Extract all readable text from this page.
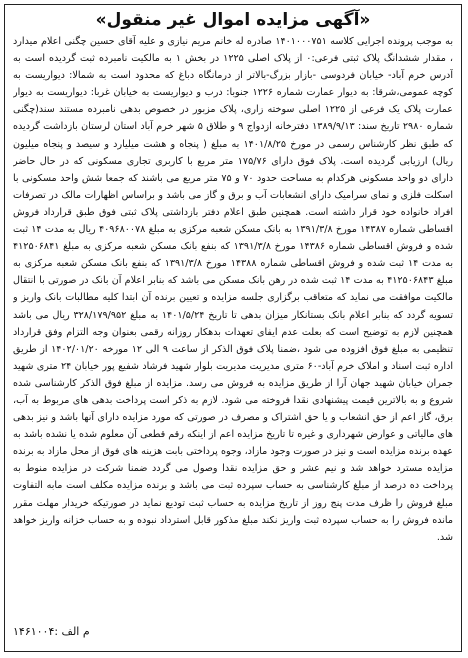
«آگهی مزایده اموال غیر منقول»

به موجب پرونده اجرایی کلاسه ۱۴۰۱۰۰۰۷۵۱ صادره له خانم مریم نیازی و علیه آقای حسین چگنی اعلام میدارد ، مقدار ششدانگ پلاک ثبتی فرعی:۰ از پلاک اصلی ۱۲۲۵ در بخش ۱ به مالکیت نامبرده ثبت گردیده است به آدرس خرم آباد- خیابان فردوسی -بازار بزرگ-بالاتر از درمانگاه دباغ که محدود است به شمالا: دیواریست به کوچه عمومی،شرقا: به دیوار عمارت شماره ۱۲۲۶ جنوبا: درب و دیواریست به خیابان غربا: دیواریست به دیوار عمارت پلاک یک فرعی از ۱۲۲۵ اصلی سوخته زاری، پلاک مزبور در خصوص بدهی نامبرده مستند سند(چگنی شماره ۲۹۸۰ تاریخ سند: ۱۳۸۹/۹/۱۳ دفترخانه ازدواج ۹ و طلاق ۵ شهر خرم آباد استان لرستان بازداشت گردیده که طبق نظر کارشناس رسمی در مورخ ۱۴۰۱/۸/۲۵ به مبلغ ( پنجاه و هشت میلیارد و سیصد و پنجاه میلیون ریال) ارزیابی گردیده است. پلاک فوق دارای ۱۷۵/۷۶ متر مربع با کاربری تجاری مسکونی که در حال حاضر دارای دو واحد مسکونی هرکدام به مساحت حدود ۷۰ و ۷۵ متر مربع می باشند که جمعا شش واحد مسکونی با اسکلت فلزی و نمای سرامیک دارای انشعابات آب و برق و گاز می باشد و براساس اظهارات مالک در تصرفات افراد خانواده خود قرار داشته است. همچنین طبق اعلام دفتر بازداشتی پلاک ثبتی فوق طبق قرارداد فروش اقساطی شماره ۱۴۳۸۷ مورخ ۱۳۹۱/۳/۸ به بانک مسکن شعبه مرکزی به مبلغ ۴۰۹۶۸۰۰۷۸ ریال به مدت ۱۴ ثبت شده و فروش اقساطی شماره ۱۴۳۸۶ مورخ ۱۳۹۱/۳/۸ که بنفع بانک مسکن شعبه مرکزی به مبلغ ۴۱۲۵۰۶۸۴۱ به مدت ۱۴ ثبت شده و فروش اقساطی شماره ۱۴۳۸۸ مورخ ۱۳۹۱/۳/۸ که بنفع بانک مسکن شعبه مرکزی به مبلغ ۴۱۲۵۰۶۸۴۳ به مدت ۱۴ ثبت شده در رهن بانک مسکن می باشد که بنابر اعلام آن بانک در صورتی با انتقال مالکیت موافقت می نماید که متعاقب برگزاری جلسه مزایده و تعیین برنده آن ابتدا کلیه مطالبات بانک واریز و تسویه گردد که بنابر اعلام بانک بستانکار میزان بدهی تا تاریخ ۱۴۰۱/۵/۲۴ به مبلغ ۳۲۸/۱۷۹/۹۵۲ ریال می باشد همچنین لازم به توضیح است که بعلت عدم ایفای تعهدات بدهکار روزانه رقمی بعنوان وجه التزام وفق قرارداد تنظیمی به مبلغ فوق افزوده می شود ،ضمنا پلاک فوق الذکر از ساعت ۹ الی ۱۲ مورخه ۱۴۰۲/۰۱/۲۰ از طریق اداره ثبت اسناد و املاک خرم آباد-۶۰ متری مدیریت مدیریت بلوار شهید فرشاد شفیع پور خیابان ۲۴ متری شهید جمران خیابان شهید جهان آرا از طریق مزایده به فروش می رسد. مزایده از مبلغ فوق الذکر کارشناسی شده شروع و به بالاترین قیمت پیشنهادی نقدا فروخته می شود. لازم به ذکر است پرداخت بدهی های مربوط به آب، برق، گاز اعم از حق انشعاب و یا حق اشتراک و مصرف در صورتی که مورد مزایده دارای آنها باشد و نیز بدهی های مالیاتی و عوارض شهرداری و غیره تا تاریخ مزایده اعم از اینکه رقم قطعی آن معلوم شده یا نشده باشد به عهده برنده مزایده است و نیز در صورت وجود مازاد، وجوه پرداختی بابت هزینه های فوق از محل مازاد به برنده مزایده مسترد خواهد شد و نیم عشر و حق مزایده نقدا وصول می گردد ضمنا شرکت در مزایده منوط به پرداخت ده درصد از مبلغ کارشناسی به حساب سپرده ثبت می باشد و برنده مزایده مکلف است مابه التفاوت مبلغ فروش را ظرف مدت پنج روز از تاریخ مزایده به حساب ثبت تودیع نماید در صورتیکه خریدار مهلت مقرر مانده فروش را به حساب سپرده ثبت واریز نکند مبلغ مذکور قابل استرداد نبوده و به حساب خزانه واریز خواهد شد.

م الف :۱۴۶۱۰۰۴
